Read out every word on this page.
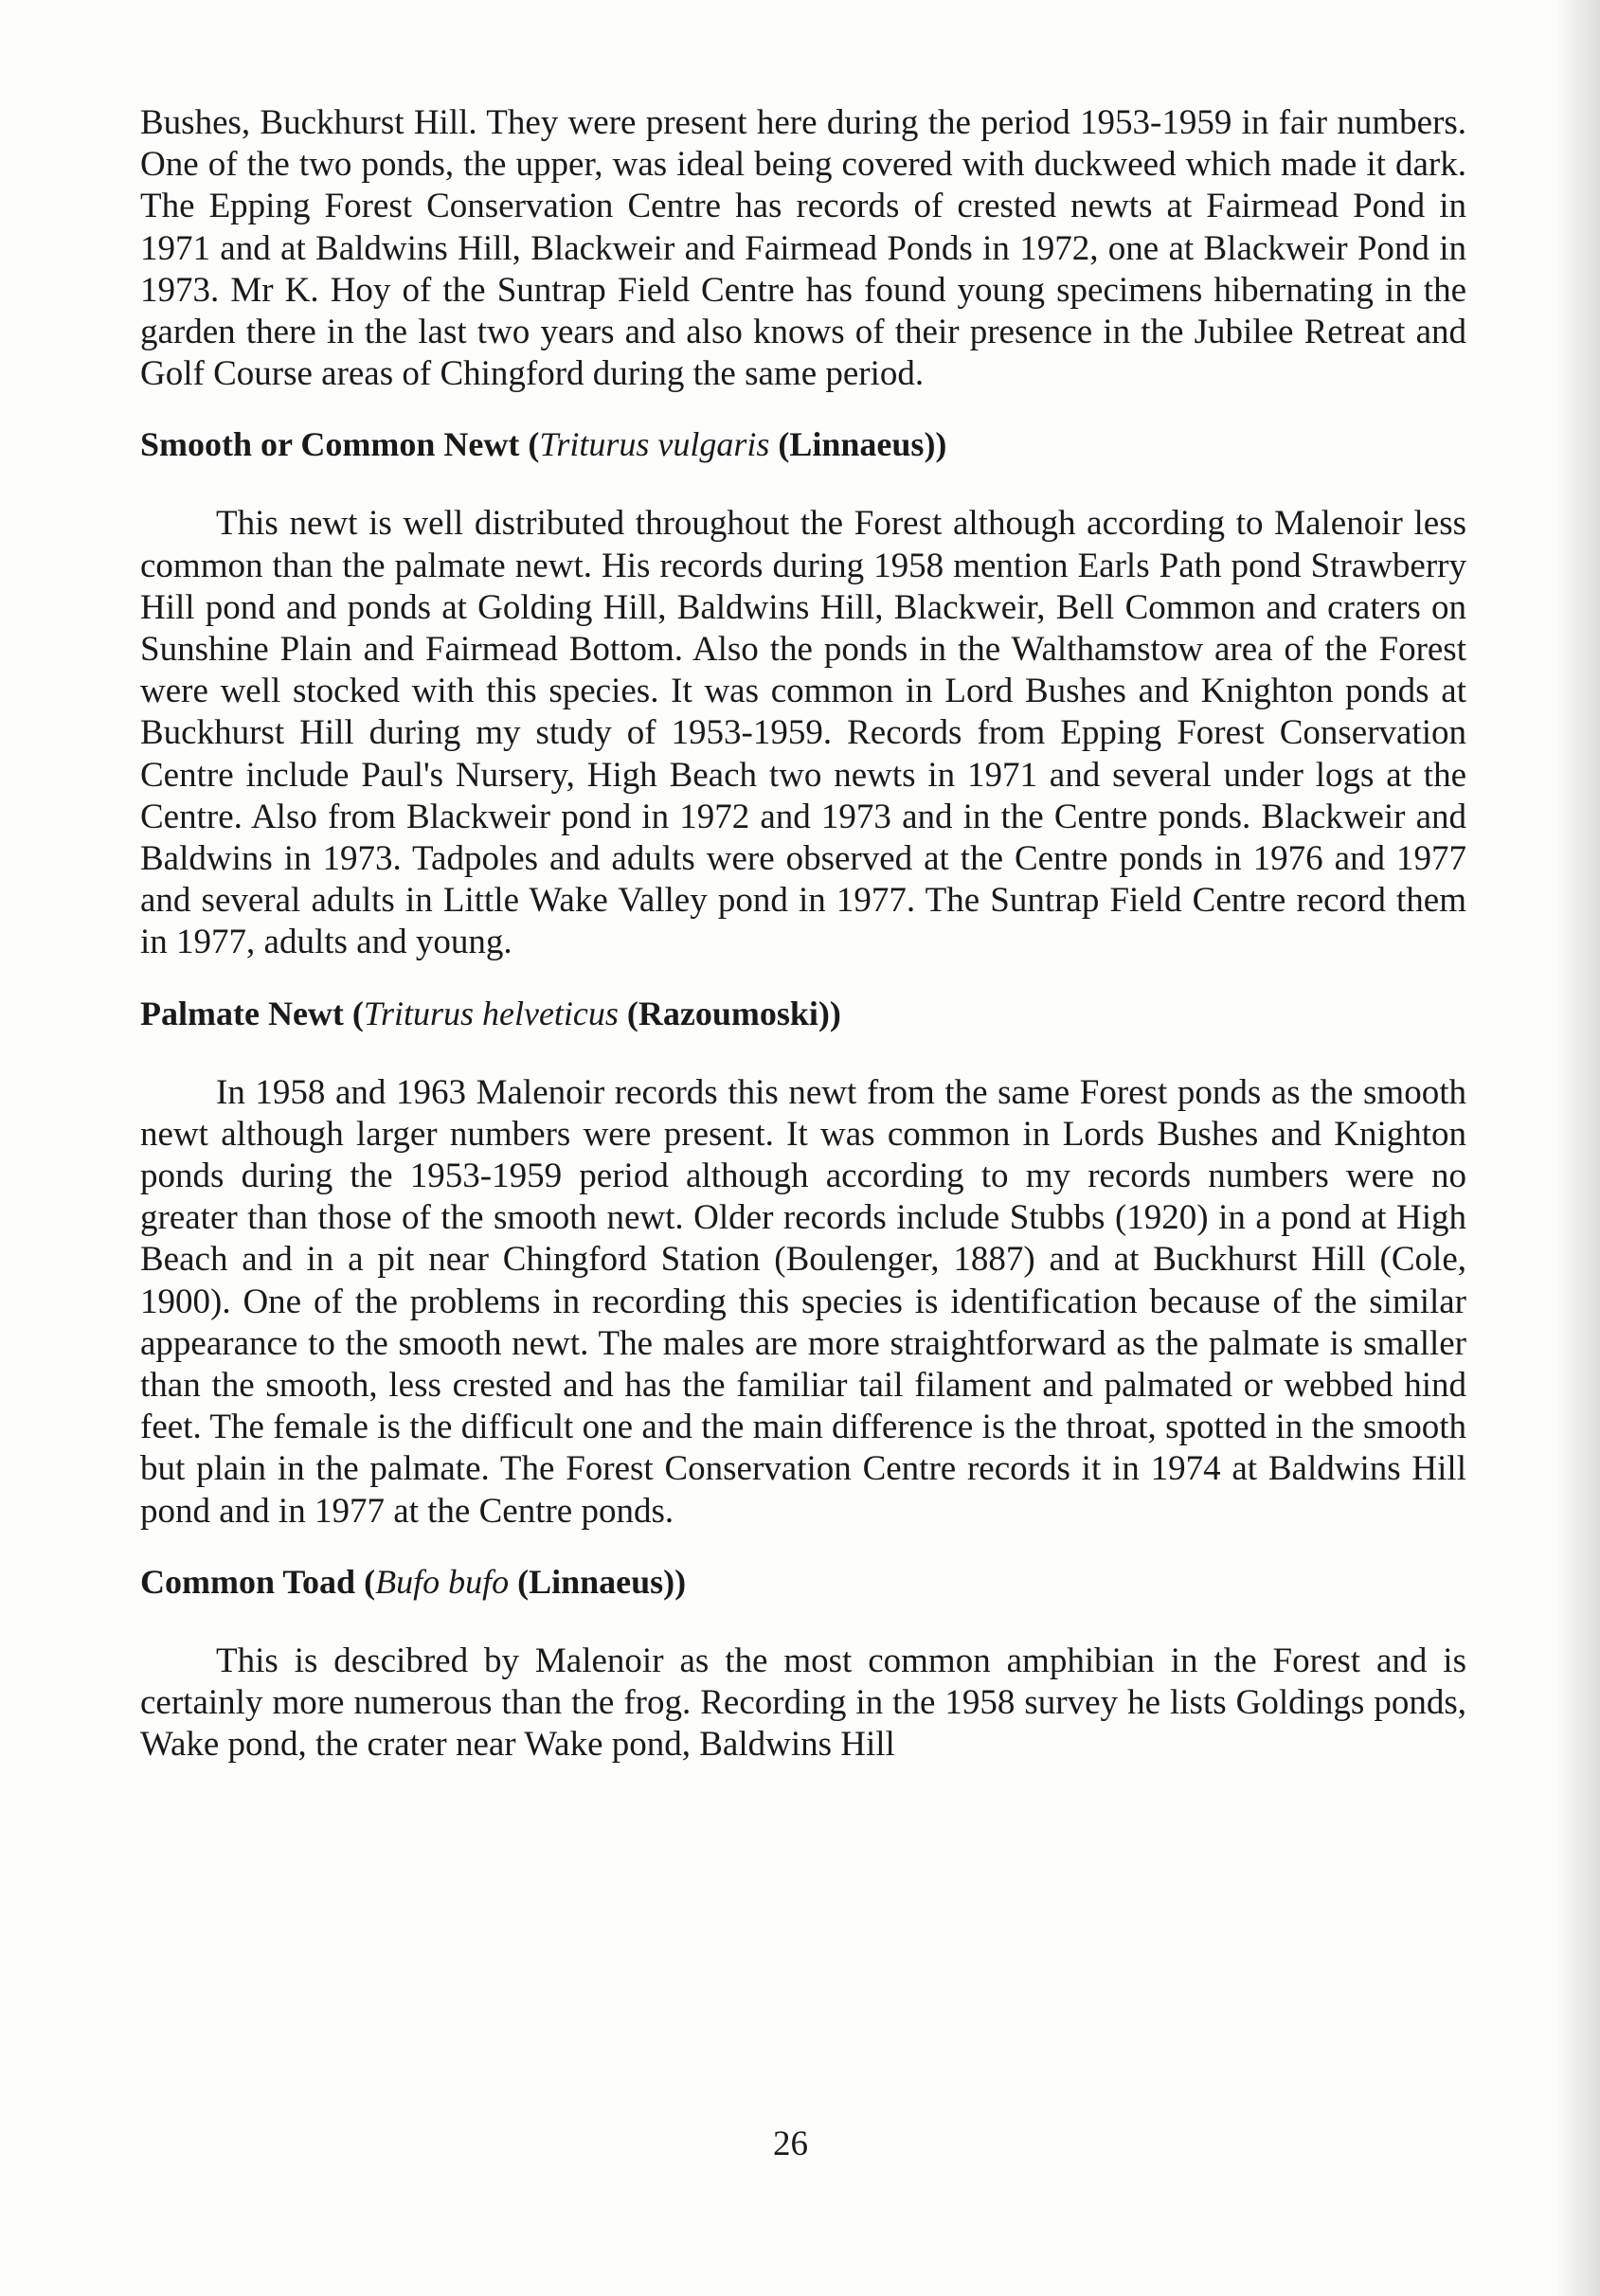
Bushes, Buckhurst Hill. They were present here during the period 1953-1959 in fair numbers. One of the two ponds, the upper, was ideal being covered with duckweed which made it dark. The Epping Forest Conservation Centre has records of crested newts at Fairmead Pond in 1971 and at Baldwins Hill, Blackweir and Fairmead Ponds in 1972, one at Blackweir Pond in 1973. Mr K. Hoy of the Suntrap Field Centre has found young specimens hibernating in the garden there in the last two years and also knows of their presence in the Jubilee Retreat and Golf Course areas of Chingford during the same period.

Smooth or Common Newt (Triturus vulgaris (Linnaeus))

This newt is well distributed throughout the Forest although according to Malenoir less common than the palmate newt. His records during 1958 mention Earls Path pond Strawberry Hill pond and ponds at Golding Hill, Baldwins Hill, Blackweir, Bell Common and craters on Sunshine Plain and Fairmead Bottom. Also the ponds in the Walthamstow area of the Forest were well stocked with this species. It was common in Lord Bushes and Knighton ponds at Buckhurst Hill during my study of 1953-1959. Records from Epping Forest Conservation Centre include Paul's Nursery, High Beach two newts in 1971 and several under logs at the Centre. Also from Blackweir pond in 1972 and 1973 and in the Centre ponds. Blackweir and Baldwins in 1973. Tadpoles and adults were observed at the Centre ponds in 1976 and 1977 and several adults in Little Wake Valley pond in 1977. The Suntrap Field Centre record them in 1977, adults and young.

Palmate Newt (Triturus helveticus (Razoumoski))

In 1958 and 1963 Malenoir records this newt from the same Forest ponds as the smooth newt although larger numbers were present. It was common in Lords Bushes and Knighton ponds during the 1953-1959 period although according to my records numbers were no greater than those of the smooth newt. Older records include Stubbs (1920) in a pond at High Beach and in a pit near Chingford Station (Boulenger, 1887) and at Buckhurst Hill (Cole, 1900). One of the problems in recording this species is identification because of the similar appearance to the smooth newt. The males are more straightforward as the palmate is smaller than the smooth, less crested and has the familiar tail filament and palmated or webbed hind feet. The female is the difficult one and the main difference is the throat, spotted in the smooth but plain in the palmate. The Forest Conservation Centre records it in 1974 at Baldwins Hill pond and in 1977 at the Centre ponds.

Common Toad (Bufo bufo (Linnaeus))

This is descibred by Malenoir as the most common amphibian in the Forest and is certainly more numerous than the frog. Recording in the 1958 survey he lists Goldings ponds, Wake pond, the crater near Wake pond, Baldwins Hill

26
